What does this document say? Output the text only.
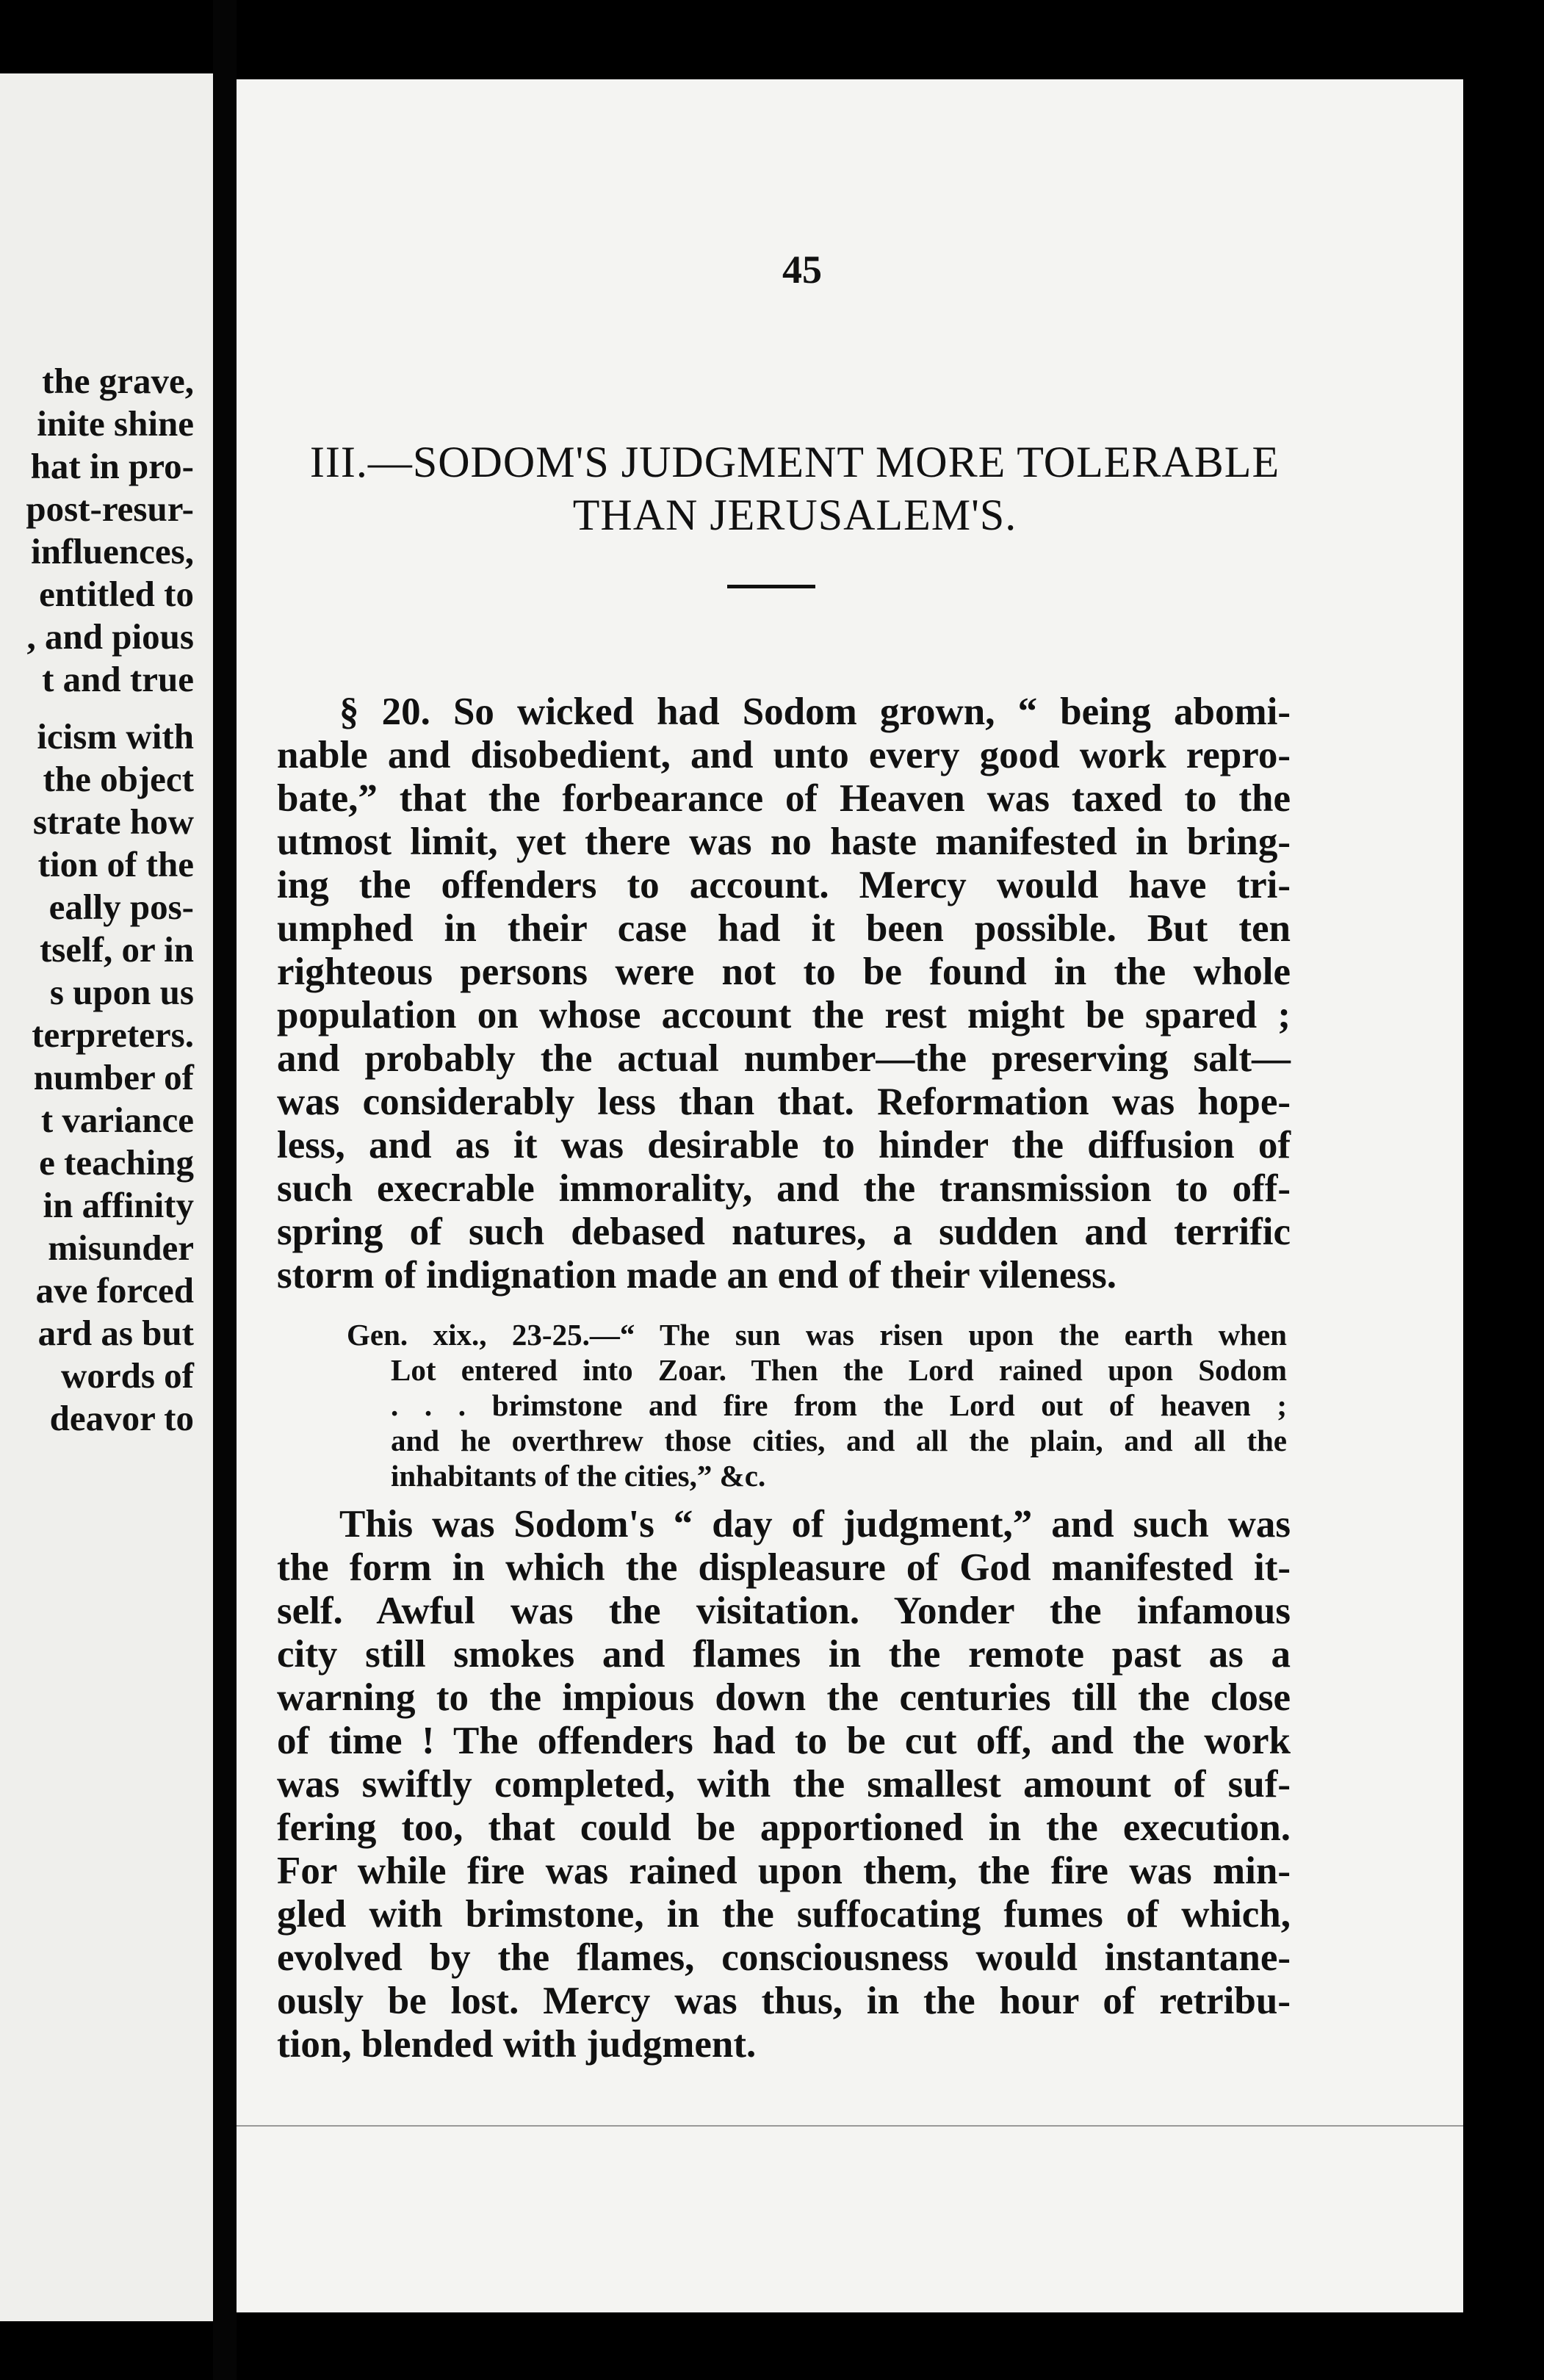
the grave,
inite shine
hat in pro-
post-resur-
influences,
entitled to
, and pious
t and true
icism with
the object
strate how
tion of the
eally pos-
tself, or in
s upon us
terpreters.
number of
t variance
e teaching
in affinity
misunder
ave forced
ard as but
words of
deavor to
45
III.—SODOM'S JUDGMENT MORE TOLERABLE
THAN JERUSALEM'S.
§ 20. So wicked had Sodom grown, “ being abomi-
nable and disobedient, and unto every good work repro-
bate,” that the forbearance of Heaven was taxed to the
utmost limit, yet there was no haste manifested in bring-
ing the offenders to account. Mercy would have tri-
umphed in their case had it been possible. But ten
righteous persons were not to be found in the whole
population on whose account the rest might be spared ;
and probably the actual number—the preserving salt—
was considerably less than that. Reformation was hope-
less, and as it was desirable to hinder the diffusion of
such execrable immorality, and the transmission to off-
spring of such debased natures, a sudden and terrific
storm of indignation made an end of their vileness.
Gen. xix., 23-25.—“ The sun was risen upon the earth when
Lot entered into Zoar. Then the Lord rained upon Sodom
. . . brimstone and fire from the Lord out of heaven ;
and he overthrew those cities, and all the plain, and all the
inhabitants of the cities,” &c.
This was Sodom's “ day of judgment,” and such was
the form in which the displeasure of God manifested it-
self. Awful was the visitation. Yonder the infamous
city still smokes and flames in the remote past as a
warning to the impious down the centuries till the close
of time ! The offenders had to be cut off, and the work
was swiftly completed, with the smallest amount of suf-
fering too, that could be apportioned in the execution.
For while fire was rained upon them, the fire was min-
gled with brimstone, in the suffocating fumes of which,
evolved by the flames, consciousness would instantane-
ously be lost. Mercy was thus, in the hour of retribu-
tion, blended with judgment.
